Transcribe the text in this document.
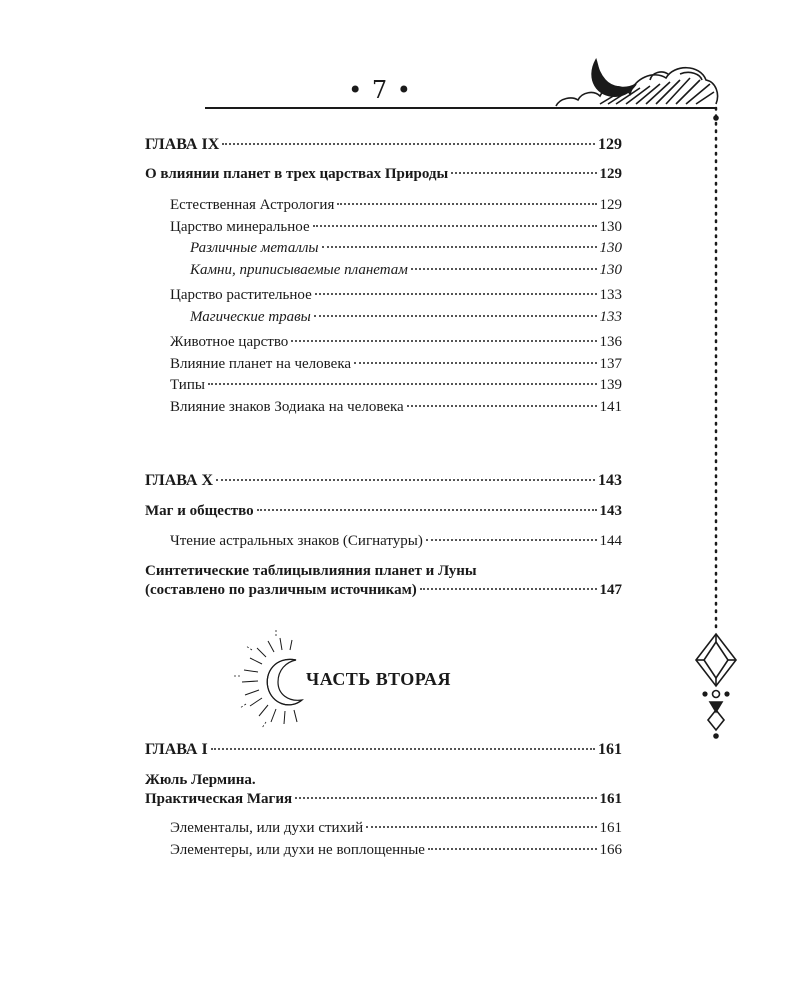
• 7 •
ГЛАВА IX	129
О влиянии планет в трех царствах Природы	129
Естественная Астрология	129
Царство минеральное	130
Различные металлы	130
Камни, приписываемые планетам	130
Царство растительное	133
Магические травы	133
Животное царство	136
Влияние планет на человека	137
Типы	139
Влияние знаков Зодиака на человека	141
ГЛАВА X	143
Маг и общество	143
Чтение астральных знаков (Сигнатуры)	144
Синтетические таблицывлияния планет и Луны
(составлено по различным источникам)	147
ГЛАВА I	161
Жюль Лермина.
Практическая Магия	161
Элементалы, или духи стихий	161
Элементеры, или духи не воплощенные	166
ЧАСТЬ ВТОРАЯ
